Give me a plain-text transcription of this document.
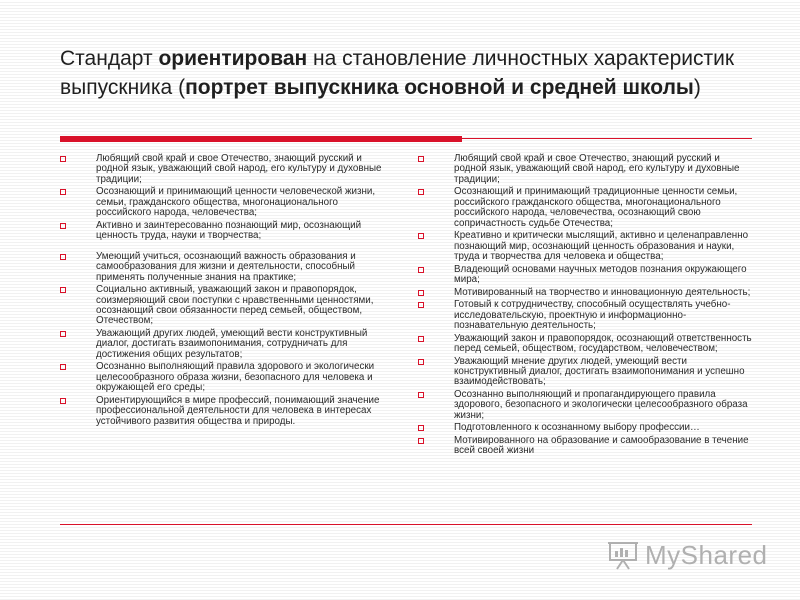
Стандарт ориентирован на становление личностных характеристик выпускника (портрет выпускника основной и средней школы)
Любящий свой край и свое Отечество, знающий русский и родной язык, уважающий свой народ, его культуру и духовные традиции;
Осознающий и принимающий ценности человеческой жизни, семьи, гражданского общества, многонационального российского народа, человечества;
Активно и заинтересованно познающий мир, осознающий ценность труда, науки и творчества;
Умеющий учиться, осознающий важность образования и самообразования для жизни и деятельности, способный применять полученные знания на практике;
Социально активный, уважающий закон и правопорядок, соизмеряющий свои поступки с нравственными ценностями, осознающий свои обязанности перед семьей, обществом, Отечеством;
Уважающий других людей, умеющий вести конструктивный диалог, достигать взаимопонимания, сотрудничать для достижения общих результатов;
Осознанно выполняющий правила здорового и экологически целесообразного образа жизни, безопасного для человека и окружающей его среды;
Ориентирующийся в мире профессий, понимающий значение профессиональной деятельности для человека в интересах устойчивого развития общества и природы.
Любящий свой край и свое Отечество, знающий русский и родной язык, уважающий свой народ, его культуру и духовные традиции;
Осознающий и принимающий традиционные ценности семьи, российского гражданского общества, многонационального российского народа, человечества, осознающий свою сопричастность судьбе Отечества;
Креативно и критически мыслящий, активно и целенаправленно познающий мир, осознающий ценность образования и науки, труда и творчества для человека и общества;
Владеющий основами научных методов познания окружающего мира;
Мотивированный на творчество и инновационную деятельность;
Готовый к сотрудничеству, способный осуществлять учебно-исследовательскую, проектную и информационно-познавательную деятельность;
Уважающий закон и правопорядок, осознающий ответственность перед семьей, обществом, государством, человечеством;
Уважающий мнение других людей, умеющий вести конструктивный диалог, достигать взаимопонимания и успешно взаимодействовать;
Осознанно выполняющий и пропагандирующего правила здорового, безопасного и экологически целесообразного образа жизни;
Подготовленного к осознанному выбору профессии…
Мотивированного на образование и самообразование в течение всей своей жизни
MyShared
